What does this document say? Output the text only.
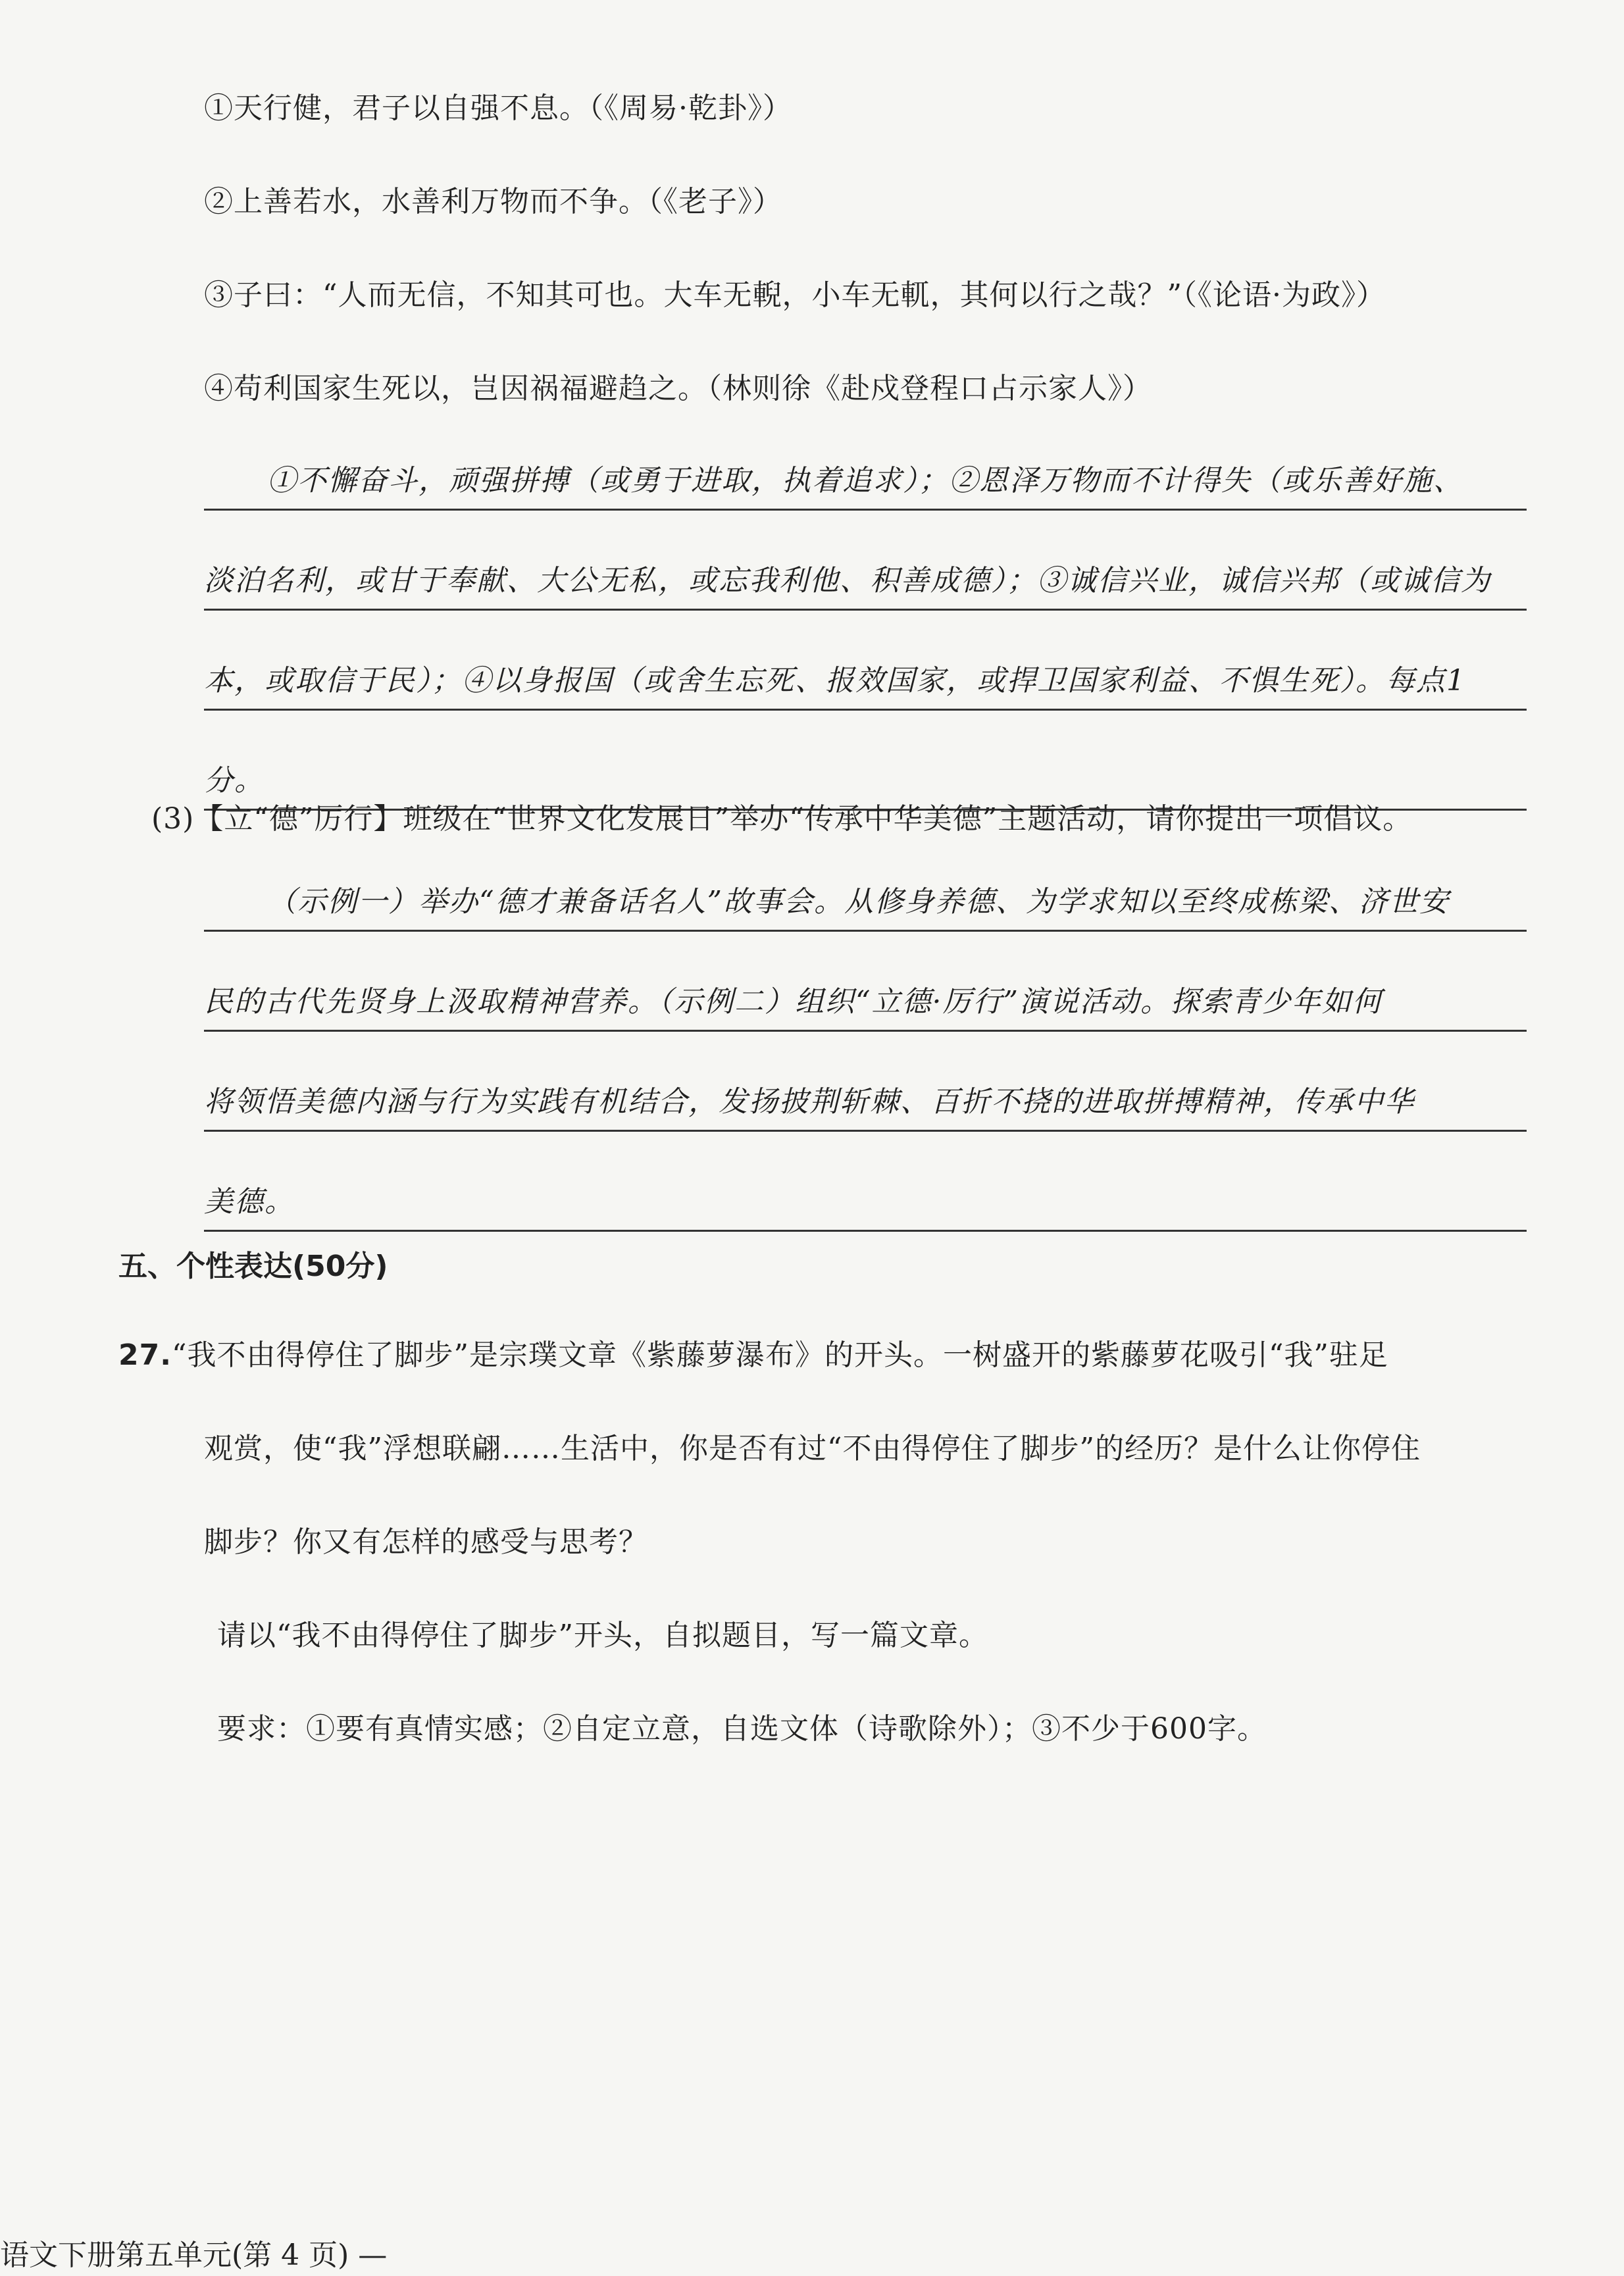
①天行健，君子以自强不息。（《周易·乾卦》）
②上善若水，水善利万物而不争。（《老子》）
③子曰：“人而无信，不知其可也。大车无輗，小车无軏，其何以行之哉？”（《论语·为政》）
④苟利国家生死以，岂因祸福避趋之。（林则徐《赴戍登程口占示家人》）
①不懈奋斗，顽强拼搏（或勇于进取，执着追求）；②恩泽万物而不计得失（或乐善好施、
淡泊名利，或甘于奉献、大公无私，或忘我利他、积善成德）；③诚信兴业，诚信兴邦（或诚信为
本，或取信于民）；④以身报国（或舍生忘死、报效国家，或捍卫国家利益、不惧生死）。每点1
分。
(3)【立“德”厉行】班级在“世界文化发展日”举办“传承中华美德”主题活动，请你提出一项倡议。
（示例一）举办“德才兼备话名人”故事会。从修身养德、为学求知以至终成栋梁、济世安
民的古代先贤身上汲取精神营养。（示例二）组织“立德·厉行”演说活动。探索青少年如何
将领悟美德内涵与行为实践有机结合，发扬披荆斩棘、百折不挠的进取拼搏精神，传承中华
美德。
五、个性表达(50分)
27.“我不由得停住了脚步”是宗璞文章《紫藤萝瀑布》的开头。一树盛开的紫藤萝花吸引“我”驻足
观赏，使“我”浮想联翩……生活中，你是否有过“不由得停住了脚步”的经历？是什么让你停住
脚步？你又有怎样的感受与思考？
请以“我不由得停住了脚步”开头，自拟题目，写一篇文章。
要求：①要有真情实感；②自定立意，自选文体（诗歌除外）；③不少于600字。
语文下册第五单元(第 4 页) —
